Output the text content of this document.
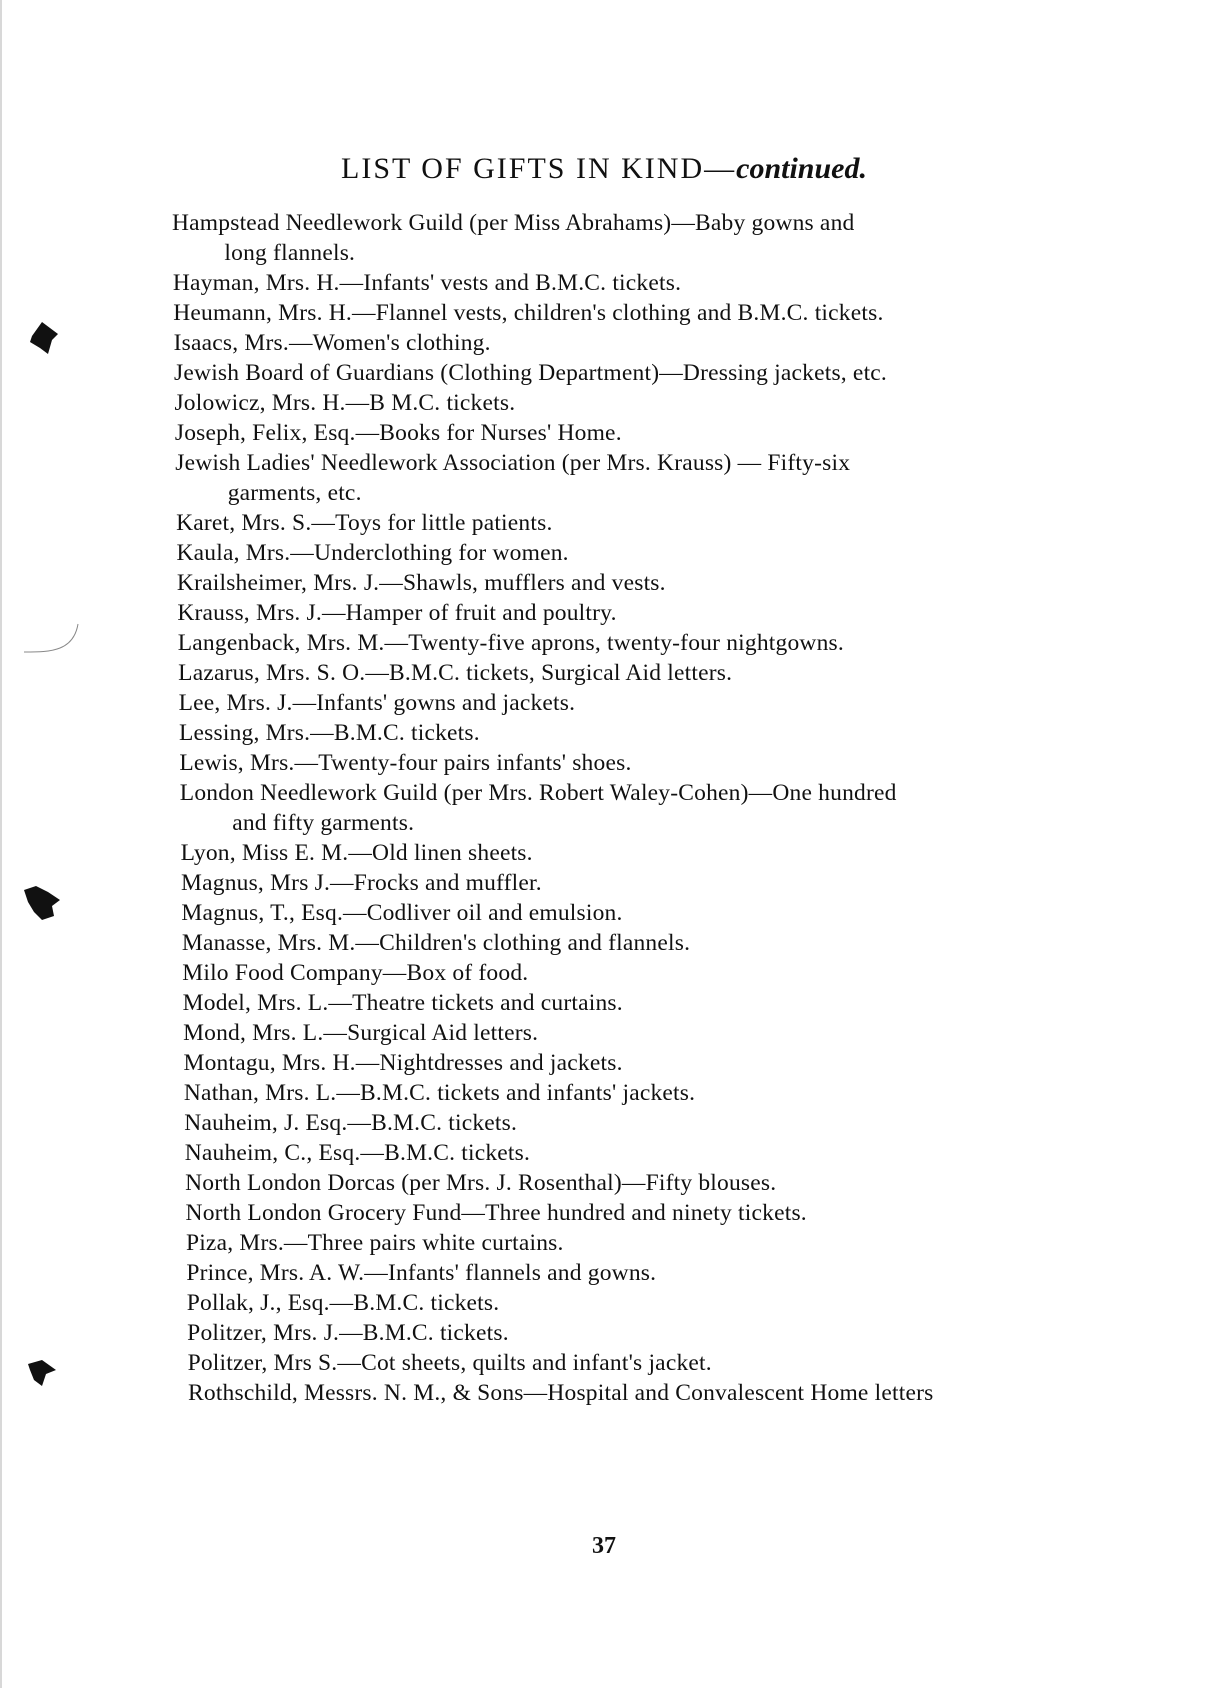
LIST OF GIFTS IN KIND—continued.
Hampstead Needlework Guild (per Miss Abrahams)—Baby gowns and
long flannels.
Hayman, Mrs. H.—Infants' vests and B.M.C. tickets.
Heumann, Mrs. H.—Flannel vests, children's clothing and B.M.C. tickets.
Isaacs, Mrs.—Women's clothing.
Jewish Board of Guardians (Clothing Department)—Dressing jackets, etc.
Jolowicz, Mrs. H.—B M.C. tickets.
Joseph, Felix, Esq.—Books for Nurses' Home.
Jewish Ladies' Needlework Association (per Mrs. Krauss) — Fifty-six
garments, etc.
Karet, Mrs. S.—Toys for little patients.
Kaula, Mrs.—Underclothing for women.
Krailsheimer, Mrs. J.—Shawls, mufflers and vests.
Krauss, Mrs. J.—Hamper of fruit and poultry.
Langenback, Mrs. M.—Twenty-five aprons, twenty-four nightgowns.
Lazarus, Mrs. S. O.—B.M.C. tickets, Surgical Aid letters.
Lee, Mrs. J.—Infants' gowns and jackets.
Lessing, Mrs.—B.M.C. tickets.
Lewis, Mrs.—Twenty-four pairs infants' shoes.
London Needlework Guild (per Mrs. Robert Waley-Cohen)—One hundred
and fifty garments.
Lyon, Miss E. M.—Old linen sheets.
Magnus, Mrs J.—Frocks and muffler.
Magnus, T., Esq.—Codliver oil and emulsion.
Manasse, Mrs. M.—Children's clothing and flannels.
Milo Food Company—Box of food.
Model, Mrs. L.—Theatre tickets and curtains.
Mond, Mrs. L.—Surgical Aid letters.
Montagu, Mrs. H.—Nightdresses and jackets.
Nathan, Mrs. L.—B.M.C. tickets and infants' jackets.
Nauheim, J. Esq.—B.M.C. tickets.
Nauheim, C., Esq.—B.M.C. tickets.
North London Dorcas (per Mrs. J. Rosenthal)—Fifty blouses.
North London Grocery Fund—Three hundred and ninety tickets.
Piza, Mrs.—Three pairs white curtains.
Prince, Mrs. A. W.—Infants' flannels and gowns.
Pollak, J., Esq.—B.M.C. tickets.
Politzer, Mrs. J.—B.M.C. tickets.
Politzer, Mrs S.—Cot sheets, quilts and infant's jacket.
Rothschild, Messrs. N. M., & Sons—Hospital and Convalescent Home letters
37
